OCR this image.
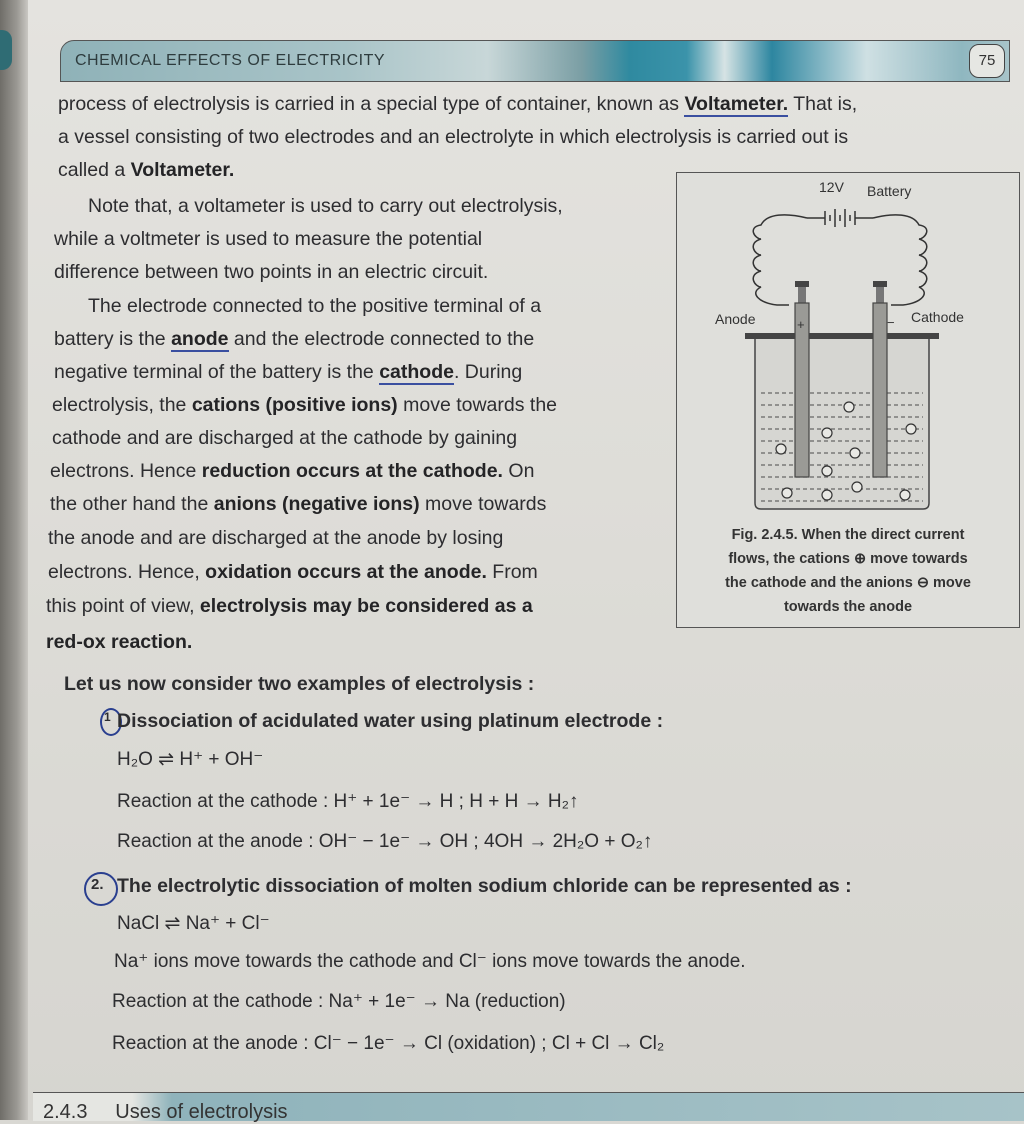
CHEMICAL EFFECTS OF ELECTRICITY	75
process of electrolysis is carried in a special type of container, known as Voltameter. That is,
a vessel consisting of two electrodes and an electrolyte in which electrolysis is carried out is
called a Voltameter.
Note that, a voltameter is used to carry out electrolysis,
while a voltmeter is used to measure the potential
difference between two points in an electric circuit.
The electrode connected to the positive terminal of a
battery is the anode and the electrode connected to the
negative terminal of the battery is the cathode. During
electrolysis, the cations (positive ions) move towards the
cathode and are discharged at the cathode by gaining
electrons. Hence reduction occurs at the cathode. On
the other hand the anions (negative ions) move towards
the anode and are discharged at the anode by losing
electrons. Hence, oxidation occurs at the anode. From
this point of view, electrolysis may be considered as a
red-ox reaction.
12V Battery
Anode	Cathode
+	−
Fig. 2.4.5. When the direct current
flows, the cations ⊕ move towards
the cathode and the anions ⊖ move
towards the anode
Let us now consider two examples of electrolysis :
1 Dissociation of acidulated water using platinum electrode :
H₂O ⇌ H⁺ + OH⁻
Reaction at the cathode : H⁺ + 1e⁻ → H ; H + H → H₂↑
Reaction at the anode : OH⁻ − 1e⁻ → OH ; 4OH → 2H₂O + O₂↑
2. The electrolytic dissociation of molten sodium chloride can be represented as :
NaCl ⇌ Na⁺ + Cl⁻
Na⁺ ions move towards the cathode and Cl⁻ ions move towards the anode.
Reaction at the cathode : Na⁺ + 1e⁻ → Na (reduction)
Reaction at the anode : Cl⁻ − 1e⁻ → Cl (oxidation) ; Cl + Cl → Cl₂
2.4.3 Uses of electrolysis
